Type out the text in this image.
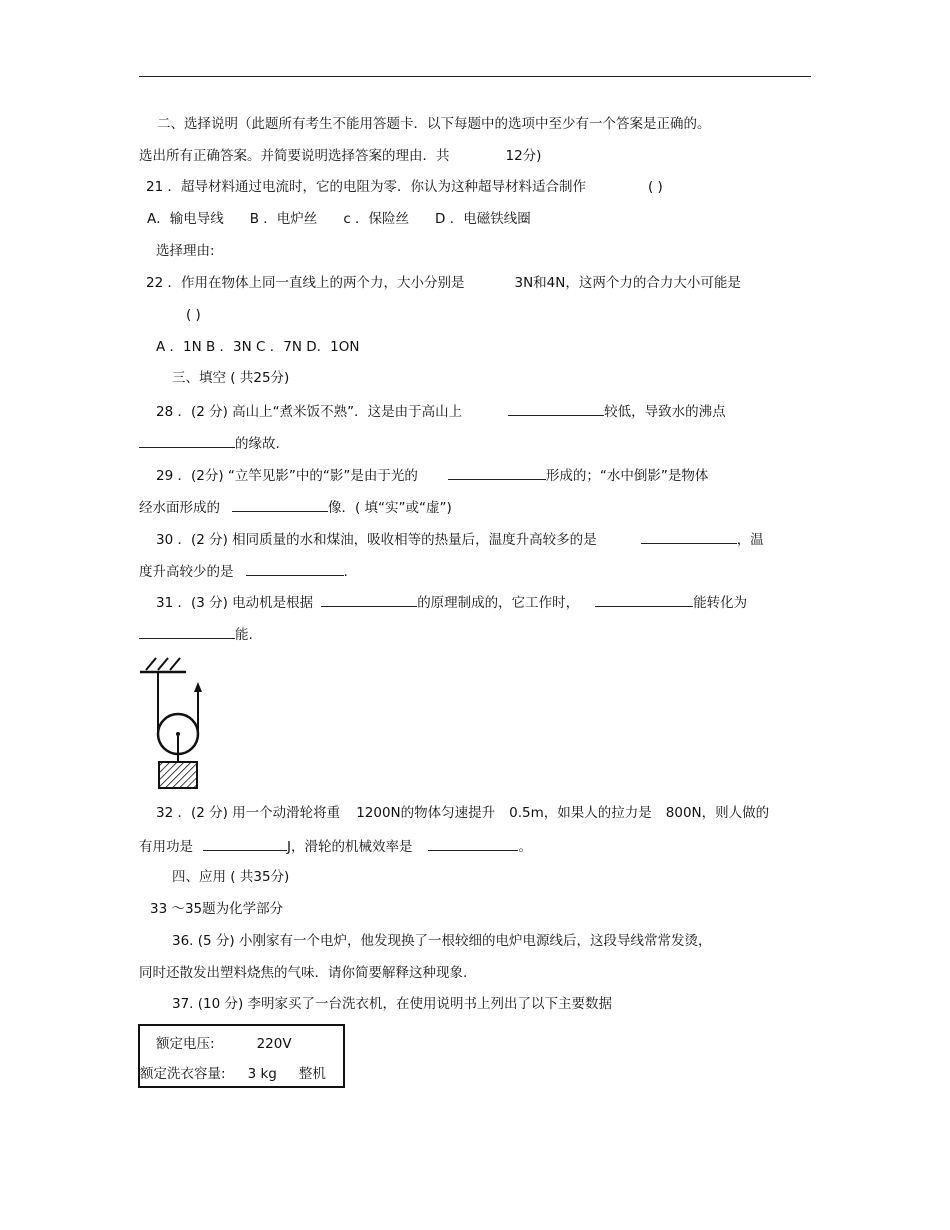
二、选择说明（此题所有考生不能用答题卡．以下每题中的选项中至少有一个答案是正确的。
选出所有正确答案。并简要说明选择答案的理由．共	12分)
21 ．超导材料通过电流时，它的电阻为零．你认为这种超导材料适合制作	( )
A．输电导线 B ．电炉丝 c ．保险丝 D ．电磁铁线圈
选择理由:
22 ．作用在物体上同一直线上的两个力，大小分别是	3N和4N，这两个力的合力大小可能是
( )
A ．1N B ．3N C ．7N D．1ON
三、填空 ( 共25分)
28 ．(2 分) 高山上“煮米饭不熟”．这是由于高山上	较低，导致水的沸点
的缘故.
29 ．(2分) “立竿见影”中的“影”是由于光的	形成的；“水中倒影”是物体
经水面形成的	像．( 填“实”或“虚”)
30 ．(2 分) 相同质量的水和煤油，吸收相等的热量后，温度升高较多的是	，温
度升高较少的是	.
31 ．(3 分) 电动机是根据	的原理制成的，它工作时，	能转化为
能.
32 ．(2 分) 用一个动滑轮将重 1200N的物体匀速提升 0.5m，如果人的拉力是 800N，则人做的
有用功是	J，滑轮的机械效率是	。
四、应用 ( 共35分)
33 ～35题为化学部分
36. (5 分) 小刚家有一个电炉，他发现换了一根较细的电炉电源线后，这段导线常常发烫，
同时还散发出塑料烧焦的气味．请你简要解释这种现象.
37. (10 分) 李明家买了一台洗衣机，在使用说明书上列出了以下主要数据
额定电压:	220V
额定洗衣容量: 3 kg 整机
